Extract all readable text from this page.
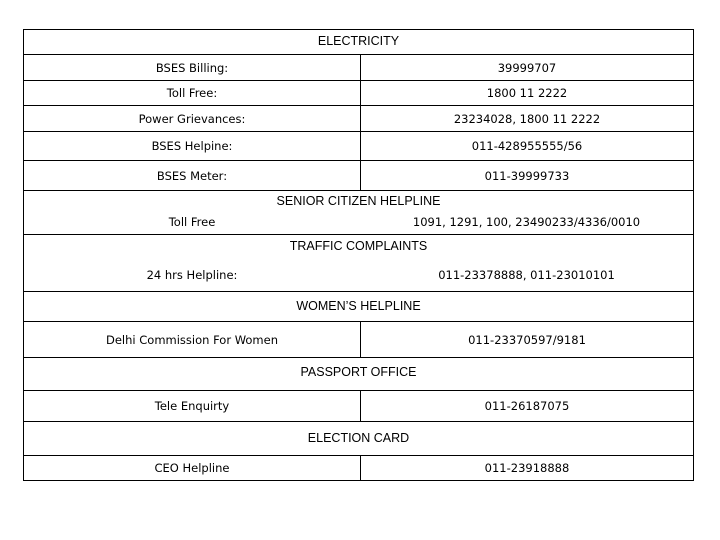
ELECTRICITY
BSES Billing:	39999707
Toll Free:	1800 11 2222
Power Grievances:	23234028, 1800 11 2222
BSES Helpine:	011-428955555/56
BSES Meter:	011-39999733
SENIOR CITIZEN HELPLINE
Toll Free	1091, 1291, 100, 23490233/4336/0010
TRAFFIC COMPLAINTS
24 hrs Helpline:	011-23378888, 011-23010101
WOMEN’S HELPLINE
Delhi Commission For Women	011-23370597/9181
PASSPORT OFFICE
Tele Enquirty	011-26187075
ELECTION CARD
CEO Helpline	011-23918888
